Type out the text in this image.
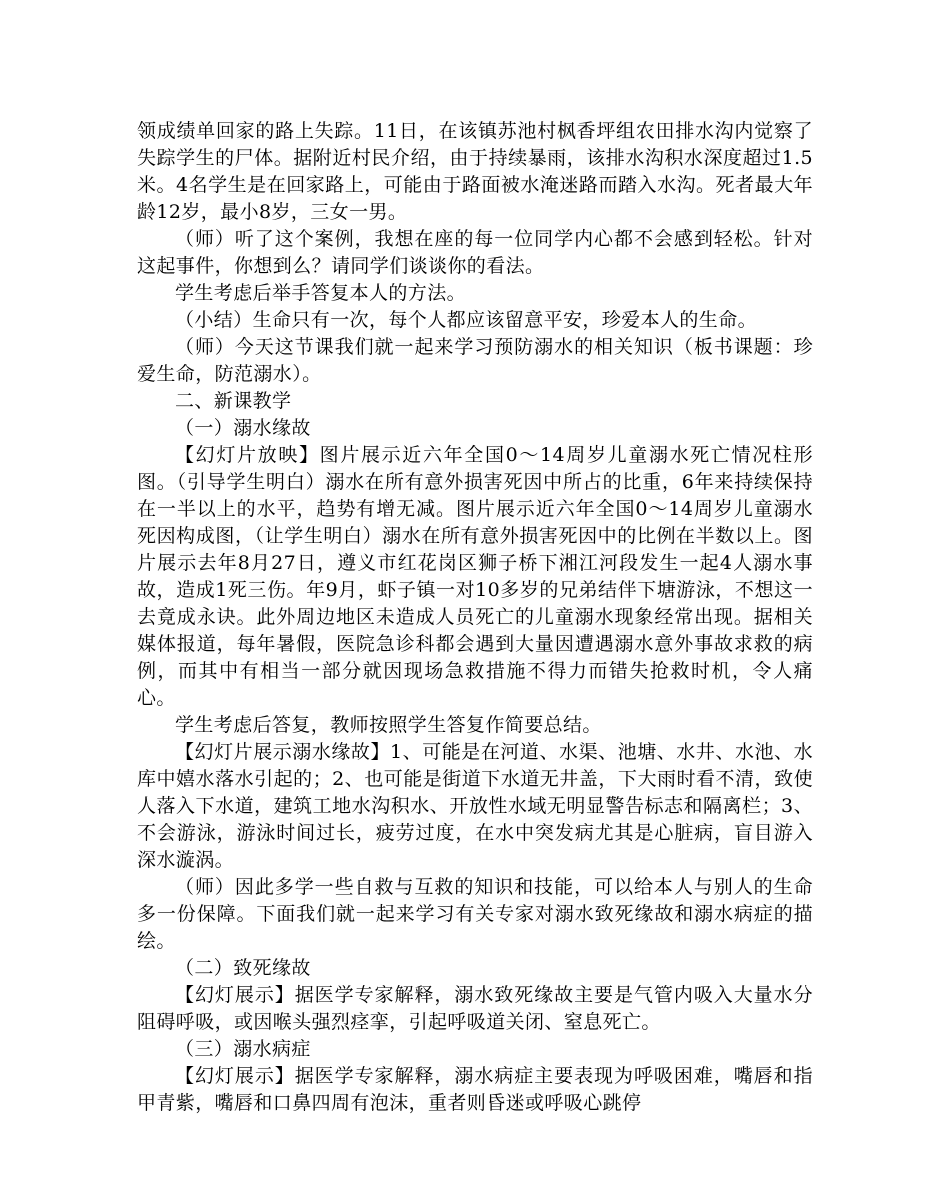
领成绩单回家的路上失踪。11日，在该镇苏池村枫香坪组农田排水沟内觉察了失踪学生的尸体。据附近村民介绍，由于持续暴雨，该排水沟积水深度超过1.5米。4名学生是在回家路上，可能由于路面被水淹迷路而踏入水沟。死者最大年龄12岁，最小8岁，三女一男。

（师）听了这个案例，我想在座的每一位同学内心都不会感到轻松。针对这起事件，你想到么？请同学们谈谈你的看法。

学生考虑后举手答复本人的方法。

（小结）生命只有一次，每个人都应该留意平安，珍爱本人的生命。

（师）今天这节课我们就一起来学习预防溺水的相关知识（板书课题：珍爱生命，防范溺水）。

二、新课教学

（一）溺水缘故

【幻灯片放映】图片展示近六年全国0～14周岁儿童溺水死亡情况柱形图。（引导学生明白）溺水在所有意外损害死因中所占的比重，6年来持续保持在一半以上的水平，趋势有增无减。图片展示近六年全国0～14周岁儿童溺水死因构成图，（让学生明白）溺水在所有意外损害死因中的比例在半数以上。图片展示去年8月27日，遵义市红花岗区狮子桥下湘江河段发生一起4人溺水事故，造成1死三伤。年9月，虾子镇一对10多岁的兄弟结伴下塘游泳，不想这一去竟成永诀。此外周边地区未造成人员死亡的儿童溺水现象经常出现。据相关媒体报道，每年暑假，医院急诊科都会遇到大量因遭遇溺水意外事故求救的病例，而其中有相当一部分就因现场急救措施不得力而错失抢救时机，令人痛心。

学生考虑后答复，教师按照学生答复作简要总结。

【幻灯片展示溺水缘故】1、可能是在河道、水渠、池塘、水井、水池、水库中嬉水落水引起的；2、也可能是街道下水道无井盖，下大雨时看不清，致使人落入下水道，建筑工地水沟积水、开放性水域无明显警告标志和隔离栏；3、不会游泳，游泳时间过长，疲劳过度，在水中突发病尤其是心脏病，盲目游入深水漩涡。

（师）因此多学一些自救与互救的知识和技能，可以给本人与别人的生命多一份保障。下面我们就一起来学习有关专家对溺水致死缘故和溺水病症的描绘。

（二）致死缘故

【幻灯展示】据医学专家解释，溺水致死缘故主要是气管内吸入大量水分阻碍呼吸，或因喉头强烈痉挛，引起呼吸道关闭、窒息死亡。

（三）溺水病症

【幻灯展示】据医学专家解释，溺水病症主要表现为呼吸困难，嘴唇和指甲青紫，嘴唇和口鼻四周有泡沫，重者则昏迷或呼吸心跳停
